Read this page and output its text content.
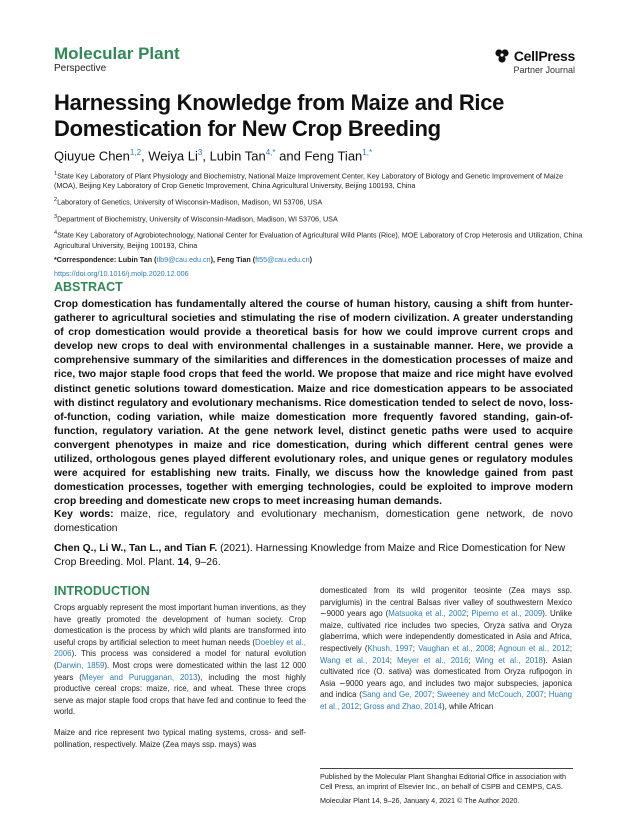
Molecular Plant
Perspective
CellPress
Partner Journal
Harnessing Knowledge from Maize and Rice Domestication for New Crop Breeding
Qiuyue Chen$^{1,2}$, Weiya Li$^3$, Lubin Tan$^{4,*}$ and Feng Tian$^{1,*}$

$^1$State Key Laboratory of Plant Physiology and Biochemistry, National Maize Improvement Center, Key Laboratory of Biology and Genetic Improvement of Maize (MOA), Beijing Key Laboratory of Crop Genetic Improvement, China Agricultural University, Beijing 100193, China

$^2$Laboratory of Genetics, University of Wisconsin-Madison, Madison, WI 53706, USA

$^3$Department of Biochemistry, University of Wisconsin-Madison, Madison, WI 53706, USA

$^4$State Key Laboratory of Agrobiotechnology, National Center for Evaluation of Agricultural Wild Plants (Rice), MOE Laboratory of Crop Heterosis and Utilization, China Agricultural University, Beijing 100193, China

*Correspondence: Lubin Tan (tlb9@cau.edu.cn), Feng Tian (ft55@cau.edu.cn)

https://doi.org/10.1016/j.molp.2020.12.006

ABSTRACT
Crop domestication has fundamentally altered the course of human history, causing a shift from hunter-gatherer to agricultural societies and stimulating the rise of modern civilization. A greater understanding of crop domestication would provide a theoretical basis for how we could improve current crops and develop new crops to deal with environmental challenges in a sustainable manner. Here, we provide a comprehensive summary of the similarities and differences in the domestication processes of maize and rice, two major staple food crops that feed the world. We propose that maize and rice might have evolved distinct genetic solutions toward domestication. Maize and rice domestication appears to be associated with distinct regulatory and evolutionary mechanisms. Rice domestication tended to select de novo, loss-of-function, coding variation, while maize domestication more frequently favored standing, gain-of-function, regulatory variation. At the gene network level, distinct genetic paths were used to acquire convergent phenotypes in maize and rice domestication, during which different central genes were utilized, orthologous genes played different evolutionary roles, and unique genes or regulatory modules were acquired for establishing new traits. Finally, we discuss how the knowledge gained from past domestication processes, together with emerging technologies, could be exploited to improve modern crop breeding and domesticate new crops to meet increasing human demands.
Key words: maize, rice, regulatory and evolutionary mechanism, domestication gene network, de novo domestication
Chen Q., Li W., Tan L., and Tian F. (2021). Harnessing Knowledge from Maize and Rice Domestication for New Crop Breeding. Mol. Plant. 14, 9–26.
INTRODUCTION

Crops arguably represent the most important human inventions, as they have greatly promoted the development of human society. Crop domestication is the process by which wild plants are transformed into useful crops by artificial selection to meet human needs (Doebley et al., 2006). This process was considered a model for natural evolution (Darwin, 1859). Most crops were domesticated within the last 12 000 years (Meyer and Purugganan, 2013), including the most highly productive cereal crops: maize, rice, and wheat. These three crops serve as major staple food crops that have fed and continue to feed the world.

Maize and rice represent two typical mating systems, cross- and self-pollination, respectively. Maize (Zea mays ssp. mays) was

domesticated from its wild progenitor teosinte (Zea mays ssp. parviglumis) in the central Balsas river valley of southwestern Mexico ∼9000 years ago (Matsuoka et al., 2002; Piperno et al., 2009). Unlike maize, cultivated rice includes two species, Oryza sativa and Oryza glaberrima, which were independently domesticated in Asia and Africa, respectively (Khush, 1997; Vaughan et al., 2008; Agnoun et al., 2012; Wang et al., 2014; Meyer et al., 2016; Wing et al., 2018). Asian cultivated rice (O. sativa) was domesticated from Oryza rufipogon in Asia ∼9000 years ago, and includes two major subspecies, japonica and indica (Sang and Ge, 2007; Sweeney and McCouch, 2007; Huang et al., 2012; Gross and Zhao, 2014), while African

Published by the Molecular Plant Shanghai Editorial Office in association with Cell Press, an imprint of Elsevier Inc., on behalf of CSPB and CEMPS, CAS.
Molecular Plant 14, 9–26, January 4, 2021 © The Author 2020.
